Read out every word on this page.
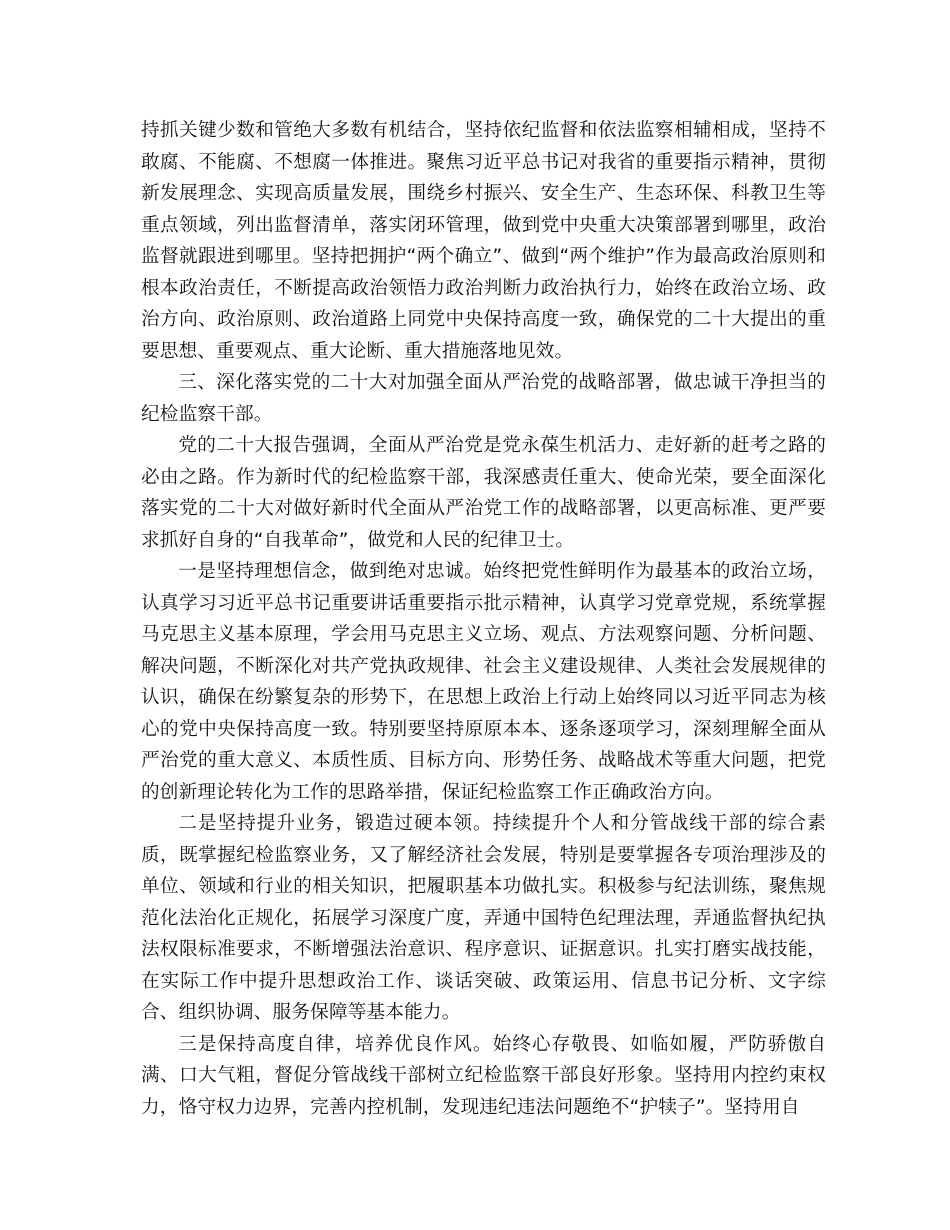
持抓关键少数和管绝大多数有机结合，坚持依纪监督和依法监察相辅相成，坚持不敢腐、不能腐、不想腐一体推进。聚焦习近平总书记对我省的重要指示精神，贯彻新发展理念、实现高质量发展，围绕乡村振兴、安全生产、生态环保、科教卫生等重点领域，列出监督清单，落实闭环管理，做到党中央重大决策部署到哪里，政治监督就跟进到哪里。坚持把拥护“两个确立”、做到“两个维护”作为最高政治原则和根本政治责任，不断提高政治领悟力政治判断力政治执行力，始终在政治立场、政治方向、政治原则、政治道路上同党中央保持高度一致，确保党的二十大提出的重要思想、重要观点、重大论断、重大措施落地见效。

三、深化落实党的二十大对加强全面从严治党的战略部署，做忠诚干净担当的纪检监察干部。

党的二十大报告强调，全面从严治党是党永葆生机活力、走好新的赶考之路的必由之路。作为新时代的纪检监察干部，我深感责任重大、使命光荣，要全面深化落实党的二十大对做好新时代全面从严治党工作的战略部署，以更高标准、更严要求抓好自身的“自我革命”，做党和人民的纪律卫士。

一是坚持理想信念，做到绝对忠诚。始终把党性鲜明作为最基本的政治立场，认真学习习近平总书记重要讲话重要指示批示精神，认真学习党章党规，系统掌握马克思主义基本原理，学会用马克思主义立场、观点、方法观察问题、分析问题、解决问题，不断深化对共产党执政规律、社会主义建设规律、人类社会发展规律的认识，确保在纷繁复杂的形势下，在思想上政治上行动上始终同以习近平同志为核心的党中央保持高度一致。特别要坚持原原本本、逐条逐项学习，深刻理解全面从严治党的重大意义、本质性质、目标方向、形势任务、战略战术等重大问题，把党的创新理论转化为工作的思路举措，保证纪检监察工作正确政治方向。

二是坚持提升业务，锻造过硬本领。持续提升个人和分管战线干部的综合素质，既掌握纪检监察业务，又了解经济社会发展，特别是要掌握各专项治理涉及的单位、领域和行业的相关知识，把履职基本功做扎实。积极参与纪法训练，聚焦规范化法治化正规化，拓展学习深度广度，弄通中国特色纪理法理，弄通监督执纪执法权限标准要求，不断增强法治意识、程序意识、证据意识。扎实打磨实战技能，在实际工作中提升思想政治工作、谈话突破、政策运用、信息书记分析、文字综合、组织协调、服务保障等基本能力。

三是保持高度自律，培养优良作风。始终心存敬畏、如临如履，严防骄傲自满、口大气粗，督促分管战线干部树立纪检监察干部良好形象。坚持用内控约束权力，恪守权力边界，完善内控机制，发现违纪违法问题绝不“护犊子”。坚持用自
